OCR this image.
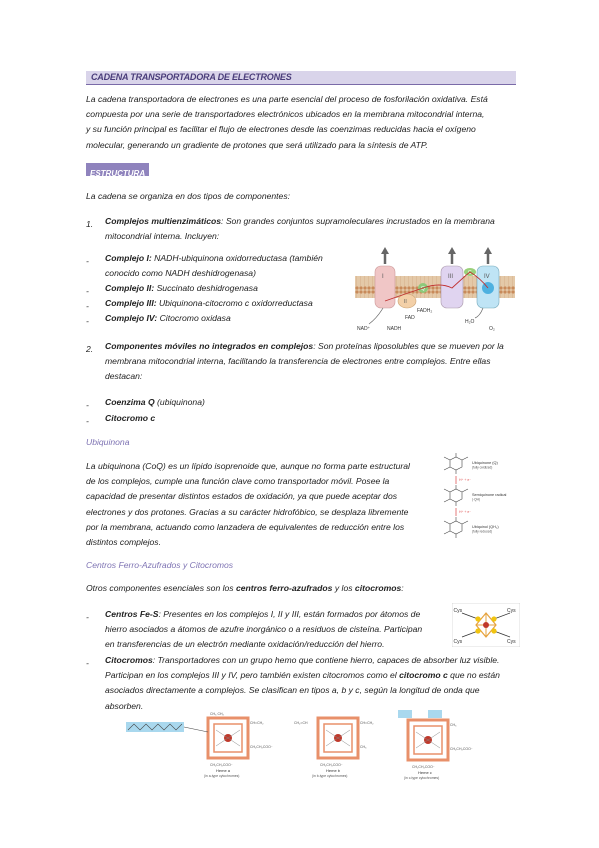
CADENA TRANSPORTADORA DE ELECTRONES
La cadena transportadora de electrones es una parte esencial del proceso de fosforilación oxidativa. Está
compuesta por una serie de transportadores electrónicos ubicados en la membrana mitocondrial interna,
y su función principal es facilitar el flujo de electrones desde las coenzimas reducidas hacia el oxígeno
molecular, generando un gradiente de protones que será utilizado para la síntesis de ATP.
ESTRUCTURA
La cadena se organiza en dos tipos de componentes:
1. Complejos multienzimáticos: Son grandes conjuntos supramoleculares incrustados en la membrana
mitocondrial interna. Incluyen:
- Complejo I: NADH-ubiquinona oxidorreductasa (también
conocido como NADH deshidrogenasa)
- Complejo II: Succinato deshidrogenasa
- Complejo III: Ubiquinona-citocromo c oxidorreductasa
- Complejo IV: Citocromo oxidasa
I
II
Q
III
C
IV
NAD⁺	NADH
FAD
FADH₂
H₂O
O₂
2. Componentes móviles no integrados en complejos: Son proteínas liposolubles que se mueven por la
membrana mitocondrial interna, facilitando la transferencia de electrones entre complejos. Entre ellas
destacan:
- Coenzima Q (ubiquinona)
- Citocromo c
Ubiquinona
La ubiquinona (CoQ) es un lípido isoprenoide que, aunque no forma parte estructural
de los complejos, cumple una función clave como transportador móvil. Posee la
capacidad de presentar distintos estados de oxidación, ya que puede aceptar dos
electrones y dos protones. Gracias a su carácter hidrofóbico, se desplaza libremente
por la membrana, actuando como lanzadera de equivalentes de reducción entre los
distintos complejos.
H⁺ + e⁻
H⁺ + e⁻
Ubiquinone (Q)
(fully oxidized)
Semiquinone radical
(·QH)
Ubiquinol (QH₂)
(fully reduced)
Centros Ferro-Azufrados y Citocromos
Otros componentes esenciales son los centros ferro-azufrados y los citocromos:
- Centros Fe-S: Presentes en los complejos I, II y III, están formados por átomos de
hierro asociados a átomos de azufre inorgánico o a residuos de cisteína. Participan
en transferencias de un electrón mediante oxidación/reducción del hierro.
Cys	Cys
Cys	Cys
- Citocromos: Transportadores con un grupo hemo que contiene hierro, capaces de absorber luz visible.
Participan en los complejos III y IV, pero también existen citocromos como el citocromo c que no están
asociados directamente a complejos. Se clasifican en tipos a, b y c, según la longitud de onda que
absorben.
CH₃ CH₂
CH=CH₂
CH₂CH₂COO⁻
CH₂CH₂COO⁻
Heme a
(in a-type cytochromes)
CH₂=CH	CH=CH₂
CH₃
CH₂CH₂COO⁻
Heme b
(in b-type cytochromes)
CH₃
CH₂CH₂COO⁻
CH₂CH₂COO⁻
Heme c
(in c-type cytochromes)
